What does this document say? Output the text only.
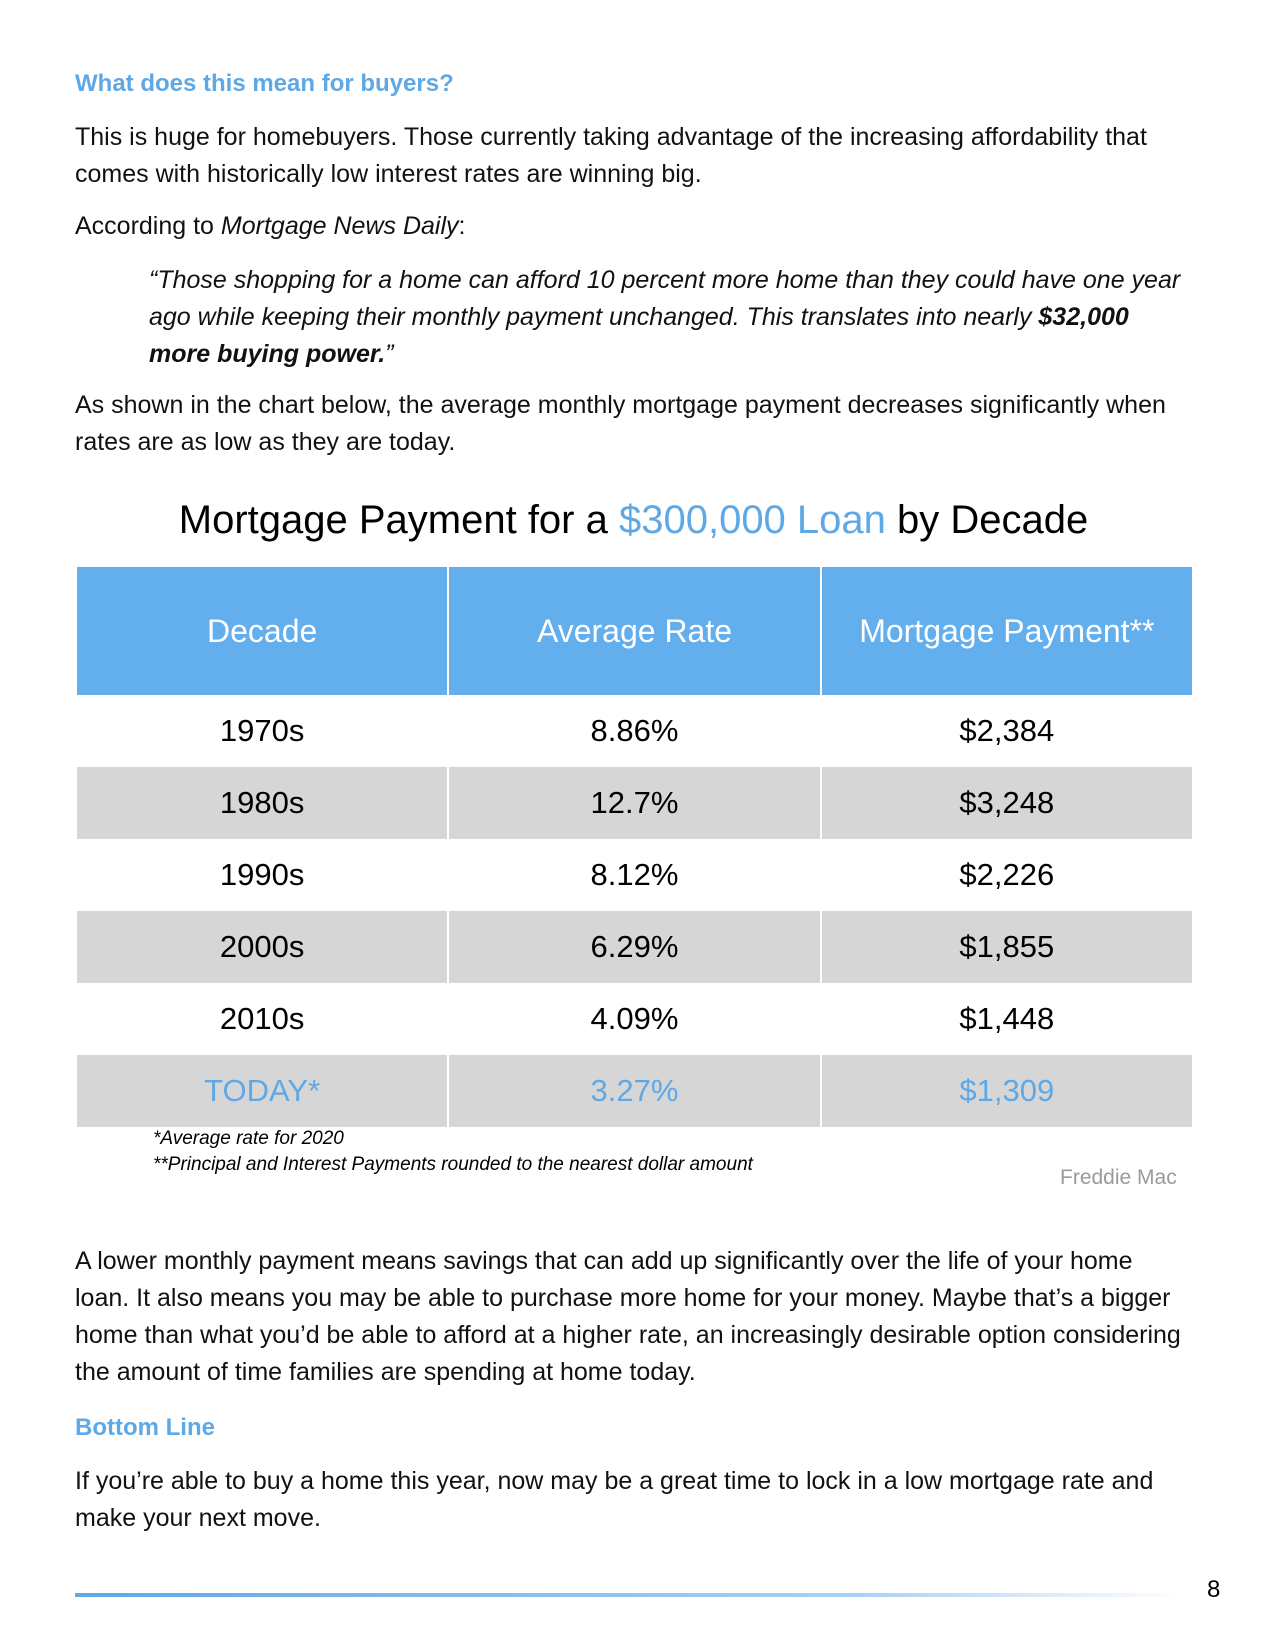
What does this mean for buyers?

This is huge for homebuyers. Those currently taking advantage of the increasing affordability that comes with historically low interest rates are winning big.

According to Mortgage News Daily:

“Those shopping for a home can afford 10 percent more home than they could have one year ago while keeping their monthly payment unchanged. This translates into nearly $32,000 more buying power.”

As shown in the chart below, the average monthly mortgage payment decreases significantly when rates are as low as they are today.

Mortgage Payment for a $300,000 Loan by Decade
Decade	Average Rate	Mortgage Payment**
1970s	8.86%	$2,384
1980s	12.7%	$3,248
1990s	8.12%	$2,226
2000s	6.29%	$1,855
2010s	4.09%	$1,448
TODAY*	3.27%	$1,309
*Average rate for 2020
**Principal and Interest Payments rounded to the nearest dollar amount
Freddie Mac

A lower monthly payment means savings that can add up significantly over the life of your home loan. It also means you may be able to purchase more home for your money. Maybe that’s a bigger home than what you’d be able to afford at a higher rate, an increasingly desirable option considering the amount of time families are spending at home today.

Bottom Line

If you’re able to buy a home this year, now may be a great time to lock in a low mortgage rate and make your next move.

8
